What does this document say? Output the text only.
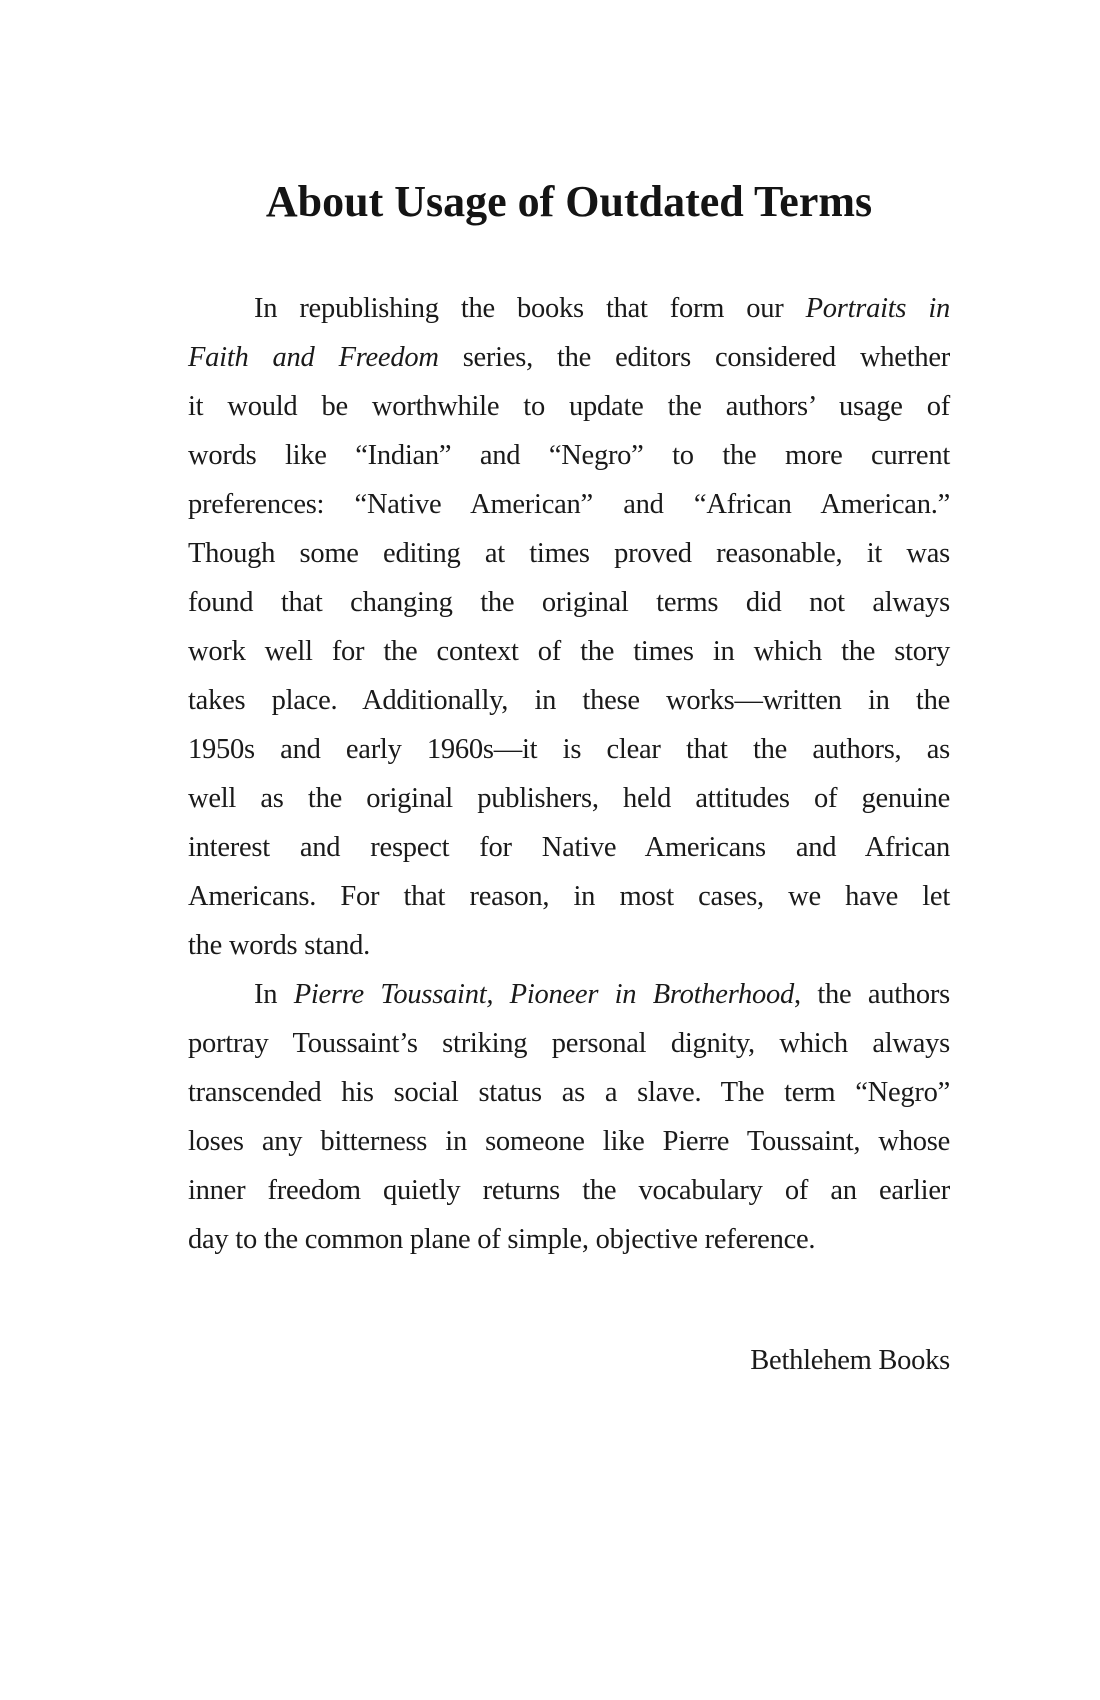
About Usage of Outdated Terms
In republishing the books that form our Portraits in
Faith and Freedom series, the editors considered whether
it would be worthwhile to update the authors’ usage of
words like “Indian” and “Negro” to the more current
preferences: “Native American” and “African American.”
Though some editing at times proved reasonable, it was
found that changing the original terms did not always
work well for the context of the times in which the story
takes place. Additionally, in these works—written in the
1950s and early 1960s—it is clear that the authors, as
well as the original publishers, held attitudes of genuine
interest and respect for Native Americans and African
Americans. For that reason, in most cases, we have let
the words stand.
In Pierre Toussaint, Pioneer in Brotherhood, the authors
portray Toussaint’s striking personal dignity, which always
transcended his social status as a slave. The term “Negro”
loses any bitterness in someone like Pierre Toussaint, whose
inner freedom quietly returns the vocabulary of an earlier
day to the common plane of simple, objective reference.
Bethlehem Books
